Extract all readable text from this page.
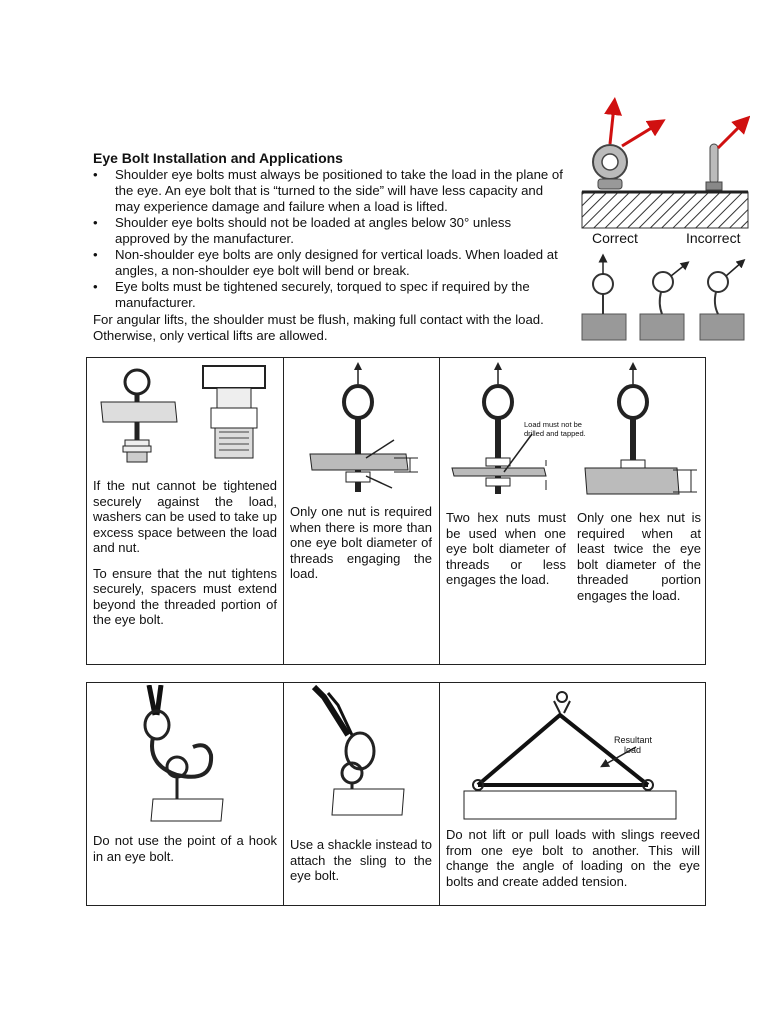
Eye Bolt Installation and Applications
• Shoulder eye bolts must always be positioned to take the load in the plane of the eye. An eye bolt that is “turned to the side” will have less capacity and may experience damage and failure when a load is lifted.
• Shoulder eye bolts should not be loaded at angles below 30° unless approved by the manufacturer.
• Non-shoulder eye bolts are only designed for vertical loads. When loaded at angles, a non-shoulder eye bolt will bend or break.
• Eye bolts must be tightened securely, torqued to spec if required by the manufacturer.
For angular lifts, the shoulder must be flush, making full contact with the load. Otherwise, only vertical lifts are allowed.
Correct	Incorrect

If the nut cannot be tightened securely against the load, washers can be used to take up excess space between the load and nut.

To ensure that the nut tightens securely, spacers must extend beyond the threaded portion of the eye bolt.

Only one nut is required when there is more than one eye bolt diameter of threads engaging the load.
Load must not be
drilled and tapped.
Two hex nuts must be used when one eye bolt diameter of threads or less engages the load.
Only one hex nut is required when at least twice the eye bolt diameter of the threaded portion engages the load.
Do not use the point of a hook in an eye bolt.
Use a shackle instead to attach the sling to the eye bolt.
Resultant
load
Do not lift or pull loads with slings reeved from one eye bolt to another. This will change the angle of loading on the eye bolts and create added tension.
